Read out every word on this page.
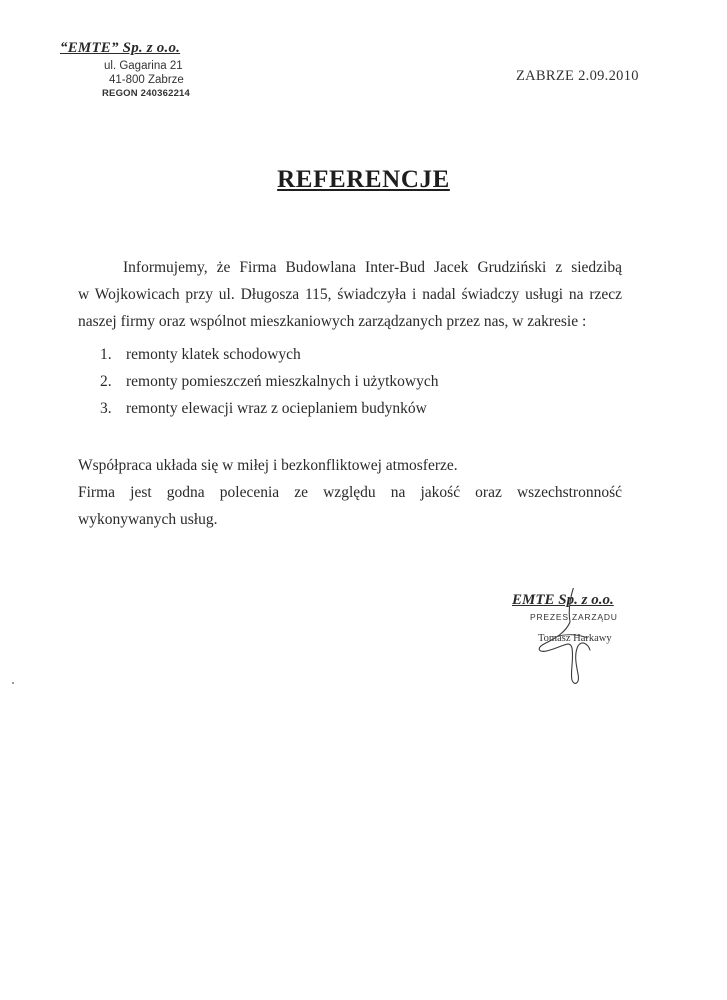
“EMTE” Sp. z o.o.
ul. Gagarina 21
41-800 Zabrze
REGON 240362214
ZABRZE 2.09.2010
REFERENCJE
Informujemy, że Firma Budowlana Inter-Bud Jacek Grudziński z siedzibą
w Wojkowicach przy ul. Długosza 115, świadczyła i nadal świadczy usługi na rzecz
naszej firmy oraz wspólnot mieszkaniowych zarządzanych przez nas, w zakresie :
1. remonty klatek schodowych
2. remonty pomieszczeń mieszkalnych i użytkowych
3. remonty elewacji wraz z ocieplaniem budynków
Współpraca układa się w miłej i bezkonfliktowej atmosferze.
Firma jest godna polecenia ze względu na jakość oraz wszechstronność
wykonywanych usług.
EMTE Sp. z o.o.
PREZES ZARZĄDU
Tomasz Harkawy
